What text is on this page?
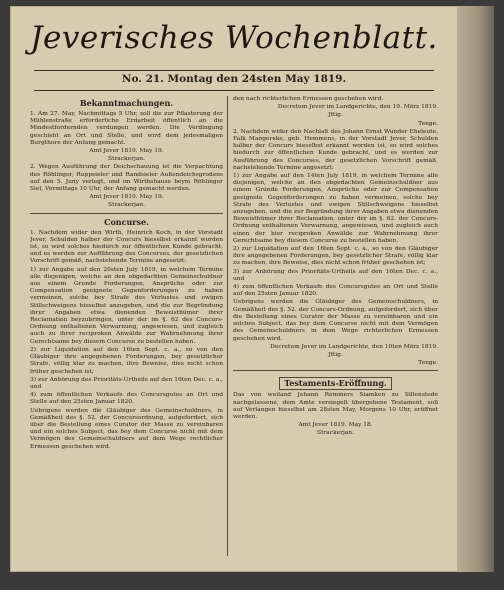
Jeverisches Wochenblatt.
No. 21. Montag den 24sten May 1819.
Bekanntmachungen.

1. Am 27. May, Nachmittags 5 Uhr, soll die zur Pflasterung der Mühlenstraße erforderliche Erdarbeit öffentlich an die Mindestfordernden verdungen werden. Die Verdingung geschieht an Ort und Stelle, und wird dem jedesmaligen Burgthore der Anfang gemacht.

Amt Jever 1819. May 19.

Strackerjan.

2. Wegen Ausführung der Deichschauung ist die Verpachtung des Röhlinger, Ruppsieler und Randsieler Außendeichsgrodens auf den 5. Juny verlegt, und im Wirthshause beym Röhlinger Siel, Vormittags 10 Uhr, der Anfang gemacht werden.

Amt Jever 1819. May 19.

Strackerjan.

Concurse.

1. Nachdem wider den Wirth, Heinrich Koch, in der Vorstadt Jever, Schulden halber der Concurs hieselbst erkannt worden ist, so wird solches hiedurch zur öffentlichen Kunde gebracht, und es werden zur Aufführung des Concurses, der gesetzlichen Vorschrift gemäß, nachstehende Termine angesetzt:

1) zur Angabe auf den 20sten July 1819, in welchem Termine alle diejenigen, welche an den obgedachten Gemeinschuldner aus einem Grunde Forderungen, Ansprüche oder zur Compensation geeignete Gegenforderungen zu haben vermeinen, solche bey Strafe des Verlustes und ewigen Stillschweigens hieselbst anzugeben, und die zur Begründung ihrer Angaben etwa dienenden Beweisthümer ihrer Reclamation beyzubringen, unter der im §. 62 des Concurs-Ordnung enthaltenen Verwarnung, angewiesen, und zugleich auch zu ihrer reciproken Anwälde zur Wahrnehmung ihrer Gerechtsame bey diesem Concurse zu bestellen haben.

2) zur Liquidation auf den 16ten Sept. c. a., so von den Gläubiger ihre angegebenen Forderungen, bey gesetzlicher Strafe, völlig klar zu machen, ihre Beweise, dies nicht schon früher geschehen ist;

3) zur Anhörung des Prioritäts-Urtheils auf den 16ten Dec. c. a., und

4) zum öffentlichen Verkaufe des Concursgutes an Ort und Stelle auf den 25sten Januar 1820.

Uebrigens werden die Gläubiger des Gemeinschuldners, in Gemäßheit des §. 52. der Concursordnung, aufgefordert, sich über die Bestellung eines Curator der Masse zu vereinbaren und ein solches Subject, das bey dem Concurse nicht mit dem Vermögen des Gemeinschuldners auf dem Wege rechtlicher Ermessen geschehen wird.

den nach richterlichen Ermessen geschehen wird.

Decretum Jever im Landgerichte, den 19. März 1819.

Jttig.

Tenge.

2. Nachdem wider den Nachlaß des Johann Ernst Wunder Eheleute, Falk Mangereke, geb. Hemmens, in der Vorstadt Jever, Schulden halber der Concurs hieselbst erkannt worden ist, so wird solches hiedurch zur öffentlichen Kunde gebracht, und es werden zur Ausführung des Concurses, der gesetzlichen Vorschrift gemäß, nachstehende Termine angesetzt:

1) zur Angabe auf den 14ten July 1819, in welchem Termine alle diejenigen, welche an den obgedachten Gemeinschuldner aus einem Grunde Forderungen, Ansprüche oder zur Compensation geeignete Gegenforderungen zu haben vermeinen, solche bey Strafe des Verlustes und ewigen Stillschweigens hieselbst anzugeben, und die zur Begründung ihrer Angaben etwa dienenden Beweisthümer ihrer Reclamation, unter der im §. 62. der Concurs-Ordnung enthaltenen Verwarnung, angewiesen, und zugleich auch einen der hier reciproken Anwälde zur Wahrnehmung ihrer Gerechtsame bey diesem Concurse zu bestellen haben.

2) zur Liquidation auf den 16ten Sept. c. a., so von den Gläubiger ihre angegebenen Forderungen, bey gesetzlicher Strafe, völlig klar zu machen, ihre Beweise, dies nicht schon früher geschehen ist;

3) zur Anhörung des Prioritäts-Urtheils auf den 16ten Dec. c. a., und

4) zum öffentlichen Verkaufe des Concursgutes an Ort und Stelle auf den 25sten Januar 1820.

Uebrigens werden die Gläubiger des Gemeinschuldners, in Gemäßheit des §. 52. der Concurs-Ordnung, aufgefordert, sich über die Bestellung eines Curator der Masse zu vereinbaren und ein solches Subject, das bey dem Concurse nicht mit dem Vermögen des Gemeinschuldners in dem Wege richterlichen Ermessen geschehen wird.

Decretum Jever im Landgerichte, den 10ten März 1819.

Jttig.

Tenge.

Testaments-Eröffnung.

Das von weiland Johann Remmers Siamken zu Sillenstede nachgelassene, dem Amte versiegelt übergebene Testament, soll auf Verlangen hieselbst am 28sten May, Morgens 10 Uhr, eröffnet werden.

Amt Jever 1819. May 18.

Strackerjan.
